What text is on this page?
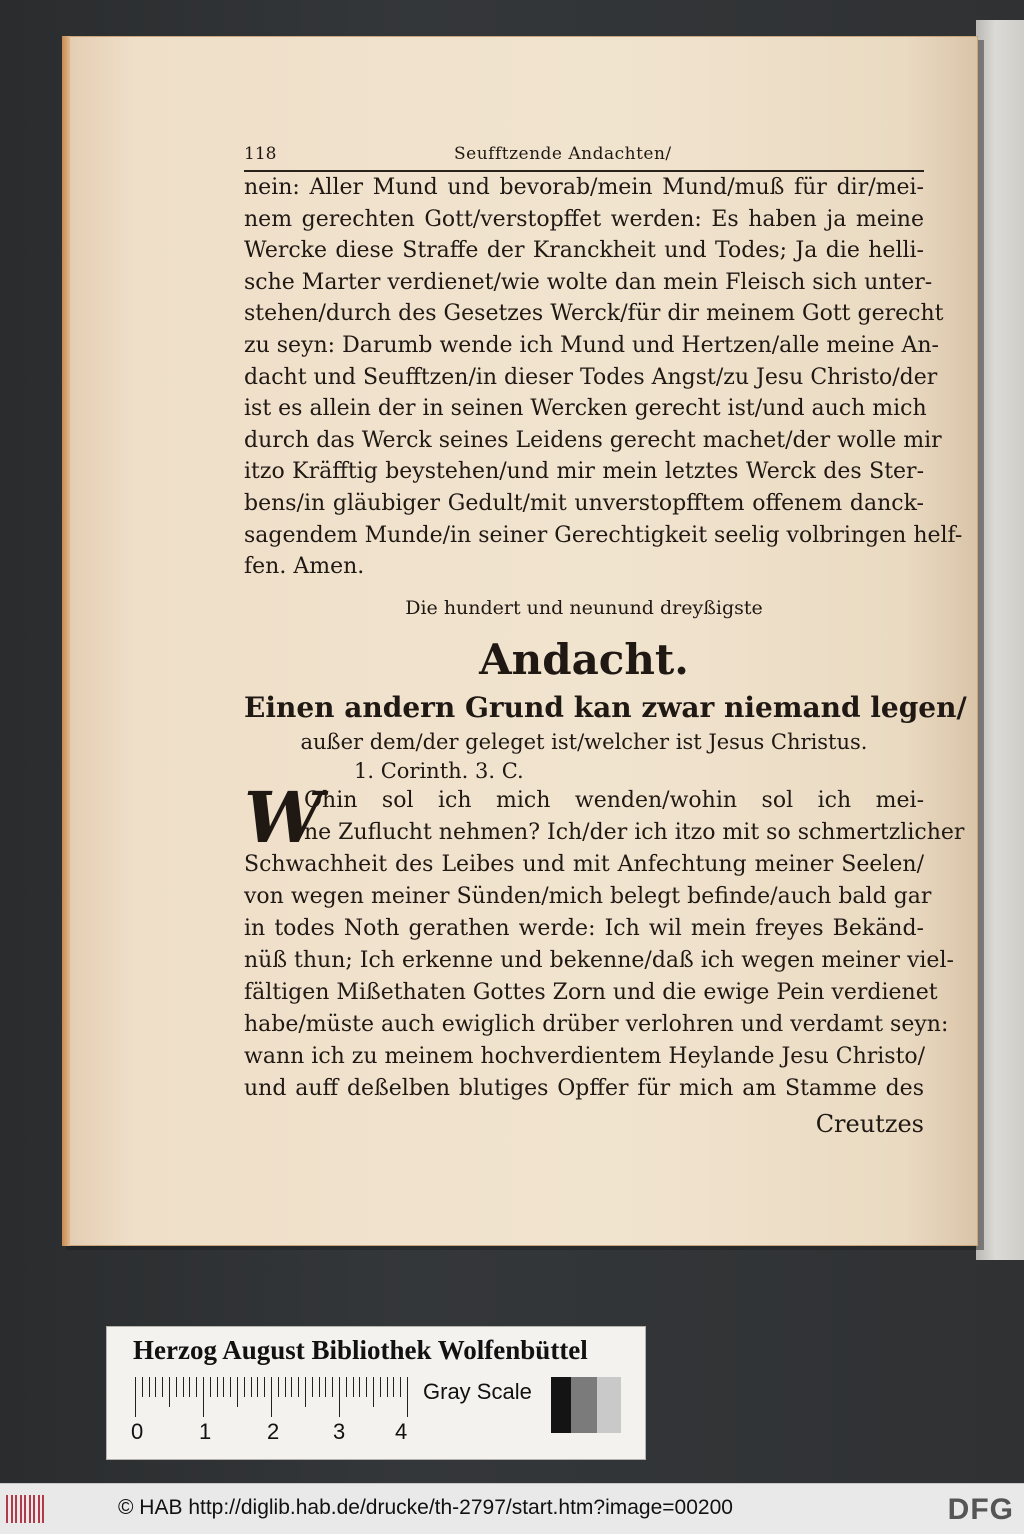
118	Seufftzende Andachten/
nein: Aller Mund und bevorab/mein Mund/muß für dir/mei-
nem gerechten Gott/verstopffet werden: Es haben ja meine
Wercke diese Straffe der Kranckheit und Todes; Ja die helli-
sche Marter verdienet/wie wolte dan mein Fleisch sich unter-
stehen/durch des Gesetzes Werck/für dir meinem Gott gerecht
zu seyn: Darumb wende ich Mund und Hertzen/alle meine An-
dacht und Seufftzen/in dieser Todes Angst/zu Jesu Christo/der
ist es allein der in seinen Wercken gerecht ist/und auch mich
durch das Werck seines Leidens gerecht machet/der wolle mir
itzo Kräfftig beystehen/und mir mein letztes Werck des Ster-
bens/in gläubiger Gedult/mit unverstopfftem offenem danck-
sagendem Munde/in seiner Gerechtigkeit seelig volbringen helf-
fen. Amen.
Die hundert und neunund dreyßigste
Andacht.
Einen andern Grund kan zwar niemand legen/
außer dem/der geleget ist/welcher ist Jesus Christus.
1. Corinth. 3. C.
W
Ohin sol ich mich wenden/wohin sol ich mei-
ne Zuflucht nehmen? Ich/der ich itzo mit so schmertzlicher
Schwachheit des Leibes und mit Anfechtung meiner Seelen/
von wegen meiner Sünden/mich belegt befinde/auch bald gar
in todes Noth gerathen werde: Ich wil mein freyes Bekänd-
nüß thun; Ich erkenne und bekenne/daß ich wegen meiner viel-
fältigen Mißethaten Gottes Zorn und die ewige Pein verdienet
habe/müste auch ewiglich drüber verlohren und verdamt seyn:
wann ich zu meinem hochverdientem Heylande Jesu Christo/
und auff deßelben blutiges Opffer für mich am Stamme des
Creutzes
Herzog August Bibliothek Wolfenbüttel
0	1	2 3 4
Gray Scale
© HAB http://diglib.hab.de/drucke/th-2797/start.htm?image=00200	DFG
